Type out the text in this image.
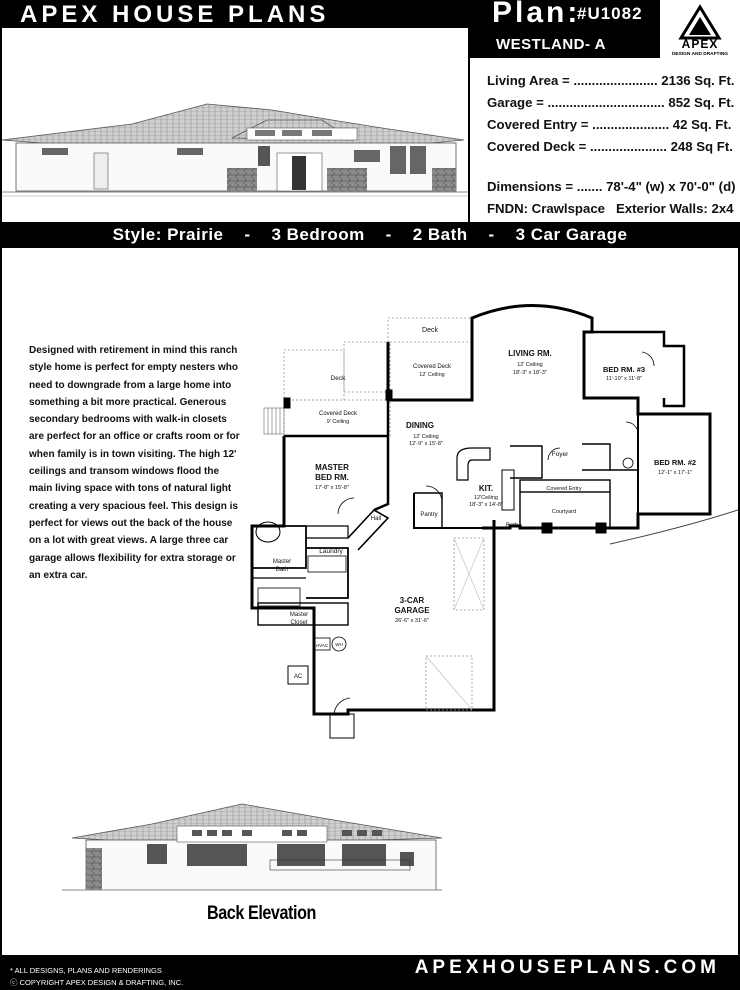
APEX HOUSE PLANS	Plan:
#U1082
WESTLAND- A	APEX
DESIGN AND DRAFTING
Living Area = ....................... 2136 Sq. Ft.
Garage = ................................ 852 Sq. Ft.
Covered Entry = ..................... 42 Sq. Ft.
Covered Deck = ..................... 248 Sq Ft.
Dimensions = ....... 78'-4" (w) x 70'-0" (d)
FNDN: Crawlspace   Exterior Walls: 2x4
Style: Prairie    -    3 Bedroom    -    2 Bath    -    3 Car Garage
Designed with retirement in mind this ranch style home is perfect for empty nesters who need to downgrade from a large home into something a bit more practical. Generous secondary bedrooms with walk-in closets are perfect for an office or crafts room or for when family is in town visiting. The high 12' ceilings and transom windows flood the main living space with tons of natural light creating a very spacious feel. This design is perfect for views out the back of the house on a lot with great views. A large three car garage allows flexibility for extra storage or an extra car.
Deck
LIVING RM.
12' Ceiling
18'-3" x 18'-3"	BED RM. #3
11'-10" x 11'-8"
Deck
Covered Deck
12' Ceiling
Covered Deck
9' Ceiling	DINING
12' Ceiling
12'-9" x 15'-8"
Foyer
BED RM. #2
12'-1" x 17'-1"
MASTER
BED RM.
17'-8" x 15'-8"	KIT.
12'Ceiling
18'-3" x 14'-8"
Covered Entry
Courtyard
Hall
Pantry
Bath
Laundry
Master
Bath
3-CAR
GARAGE
26'-6" x 31'-6"
Master
Closet
HVAC WH
AC
Back Elevation
* ALL DESIGNS, PLANS AND RENDERINGS
ⓒ COPYRIGHT APEX DESIGN & DRAFTING, INC.
APEXHOUSEPLANS.COM
